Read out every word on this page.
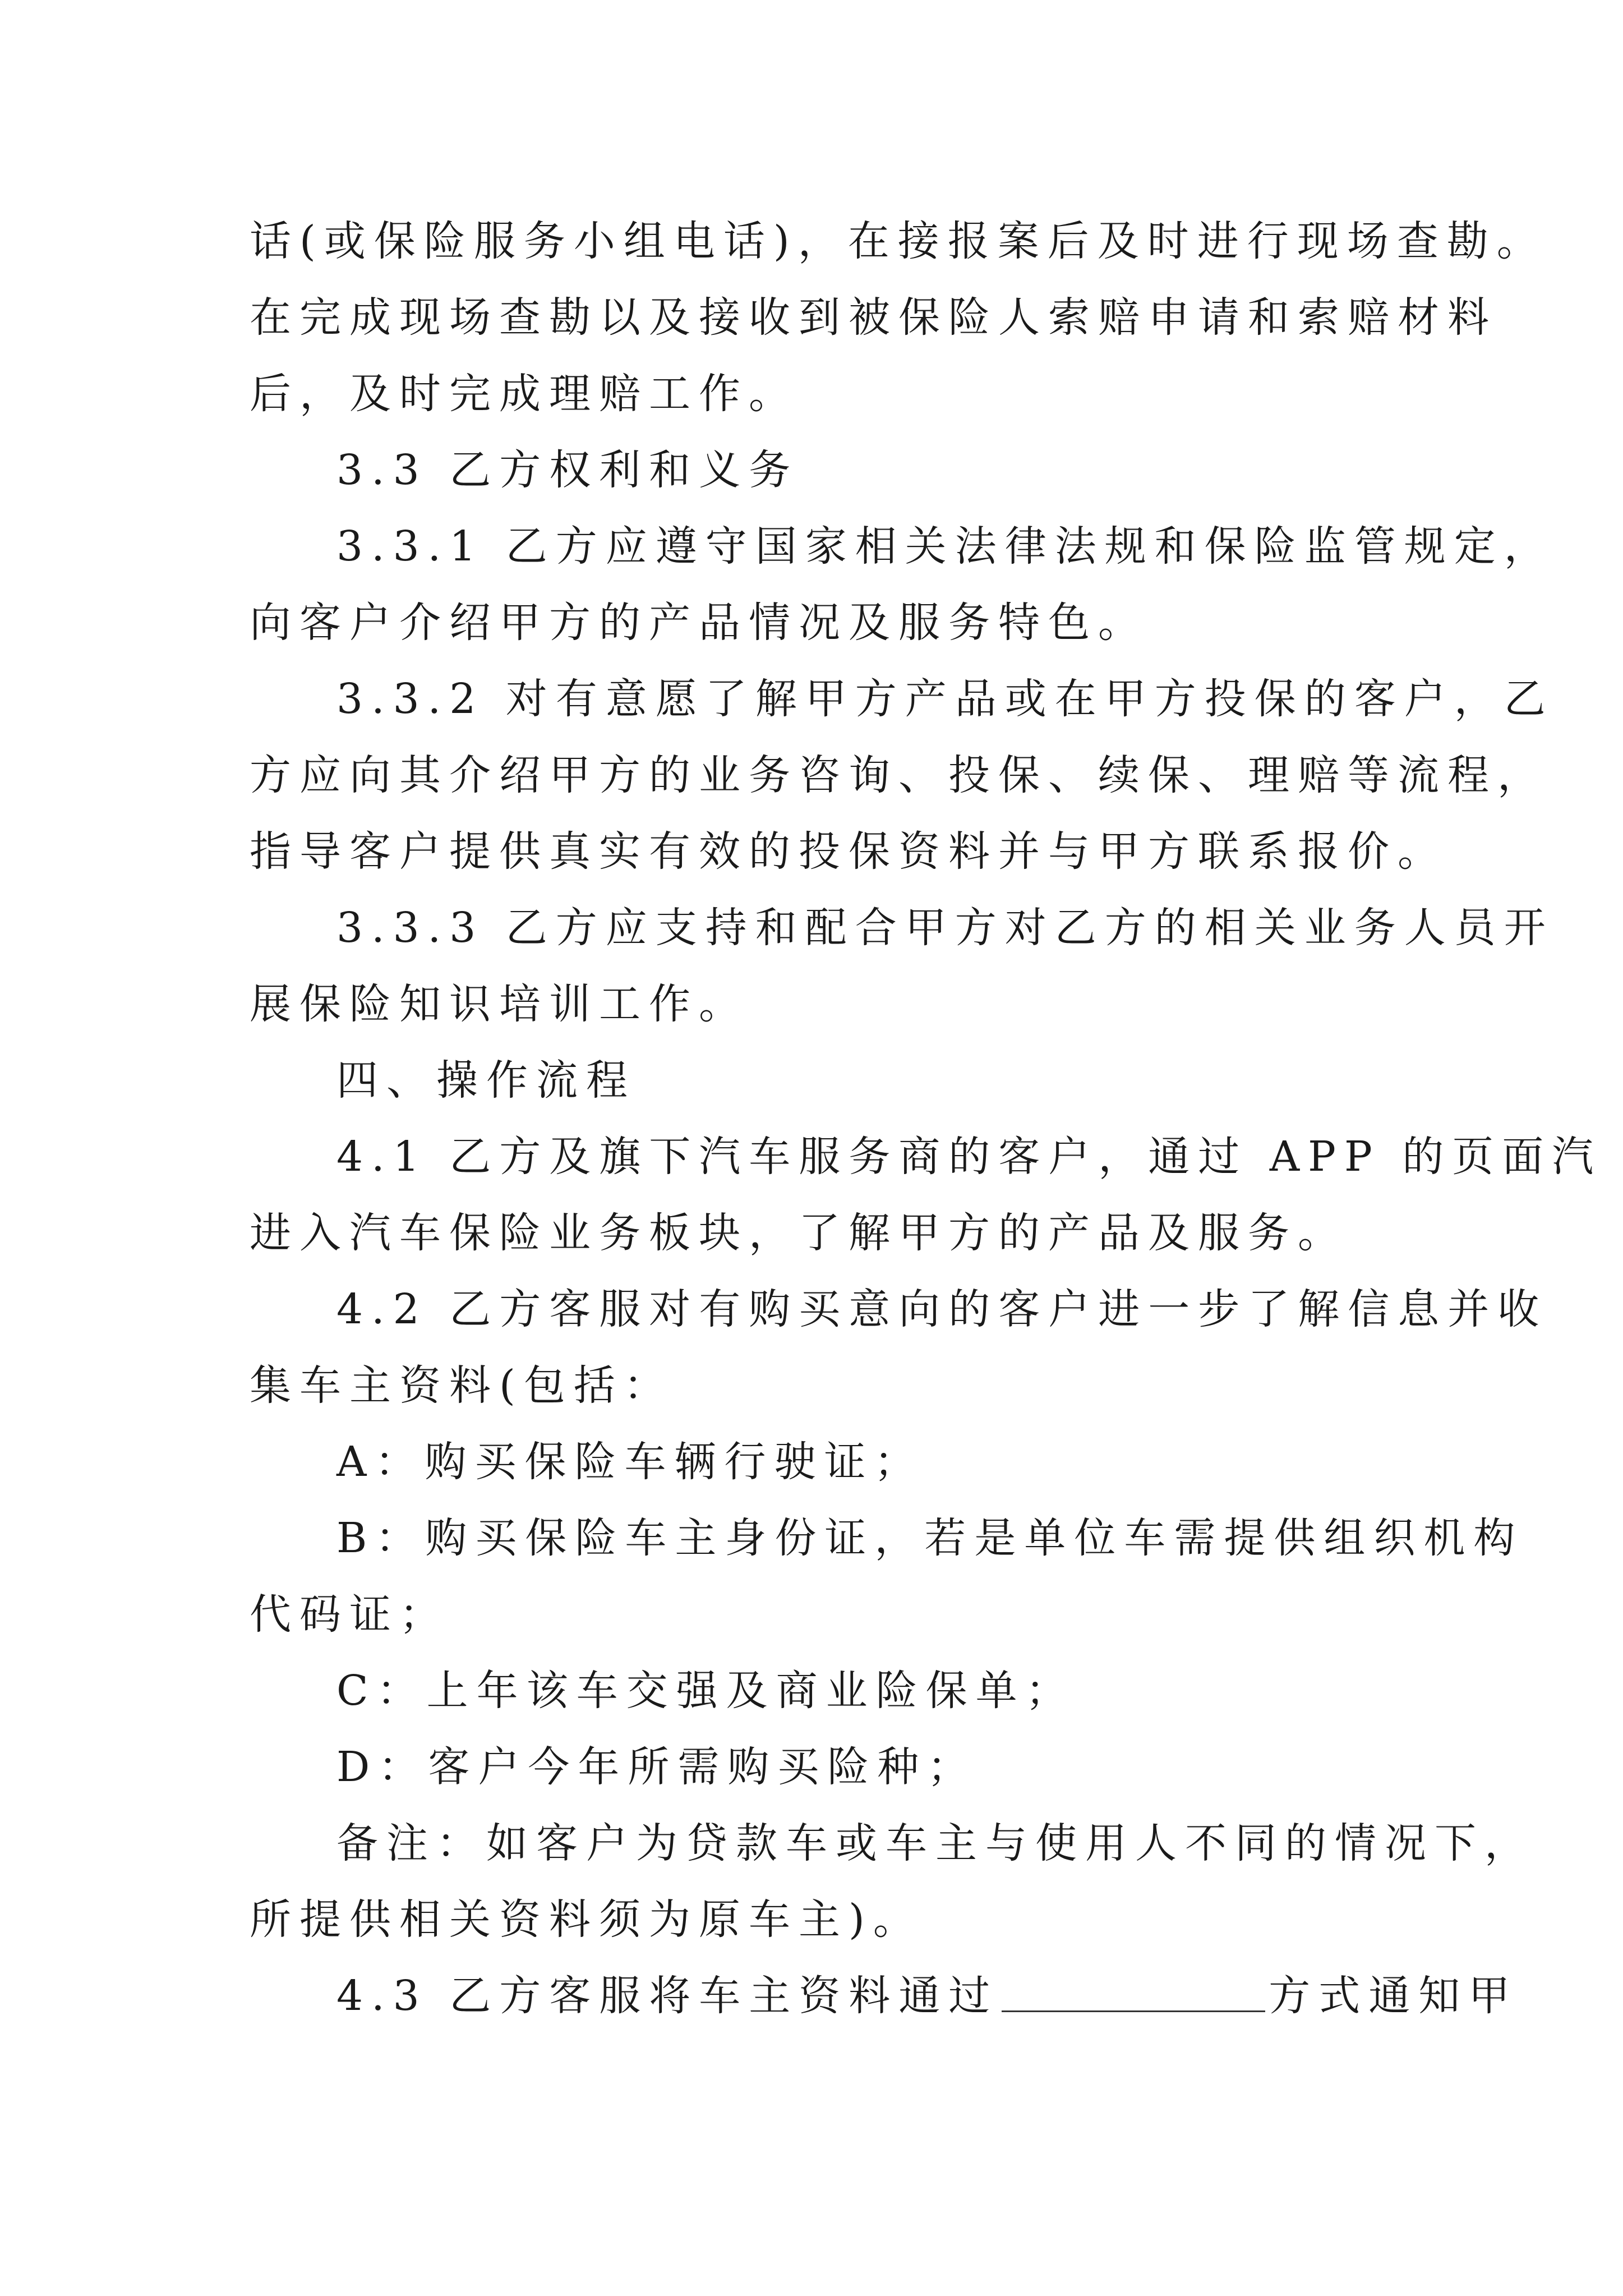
话(或保险服务小组电话)，在接报案后及时进行现场查勘。
在完成现场查勘以及接收到被保险人索赔申请和索赔材料
后，及时完成理赔工作。
3.3 乙方权利和义务
3.3.1 乙方应遵守国家相关法律法规和保险监管规定，
向客户介绍甲方的产品情况及服务特色。
3.3.2 对有意愿了解甲方产品或在甲方投保的客户，乙
方应向其介绍甲方的业务咨询、投保、续保、理赔等流程，
指导客户提供真实有效的投保资料并与甲方联系报价。
3.3.3 乙方应支持和配合甲方对乙方的相关业务人员开
展保险知识培训工作。
四、操作流程
4.1 乙方及旗下汽车服务商的客户，通过 APP 的页面汽
进入汽车保险业务板块，了解甲方的产品及服务。
4.2 乙方客服对有购买意向的客户进一步了解信息并收
集车主资料(包括：
A：购买保险车辆行驶证；
B：购买保险车主身份证，若是单位车需提供组织机构
代码证；
C：上年该车交强及商业险保单；
D：客户今年所需购买险种；
备注：如客户为贷款车或车主与使用人不同的情况下，
所提供相关资料须为原车主)。
4.3 乙方客服将车主资料通过	方式通知甲
